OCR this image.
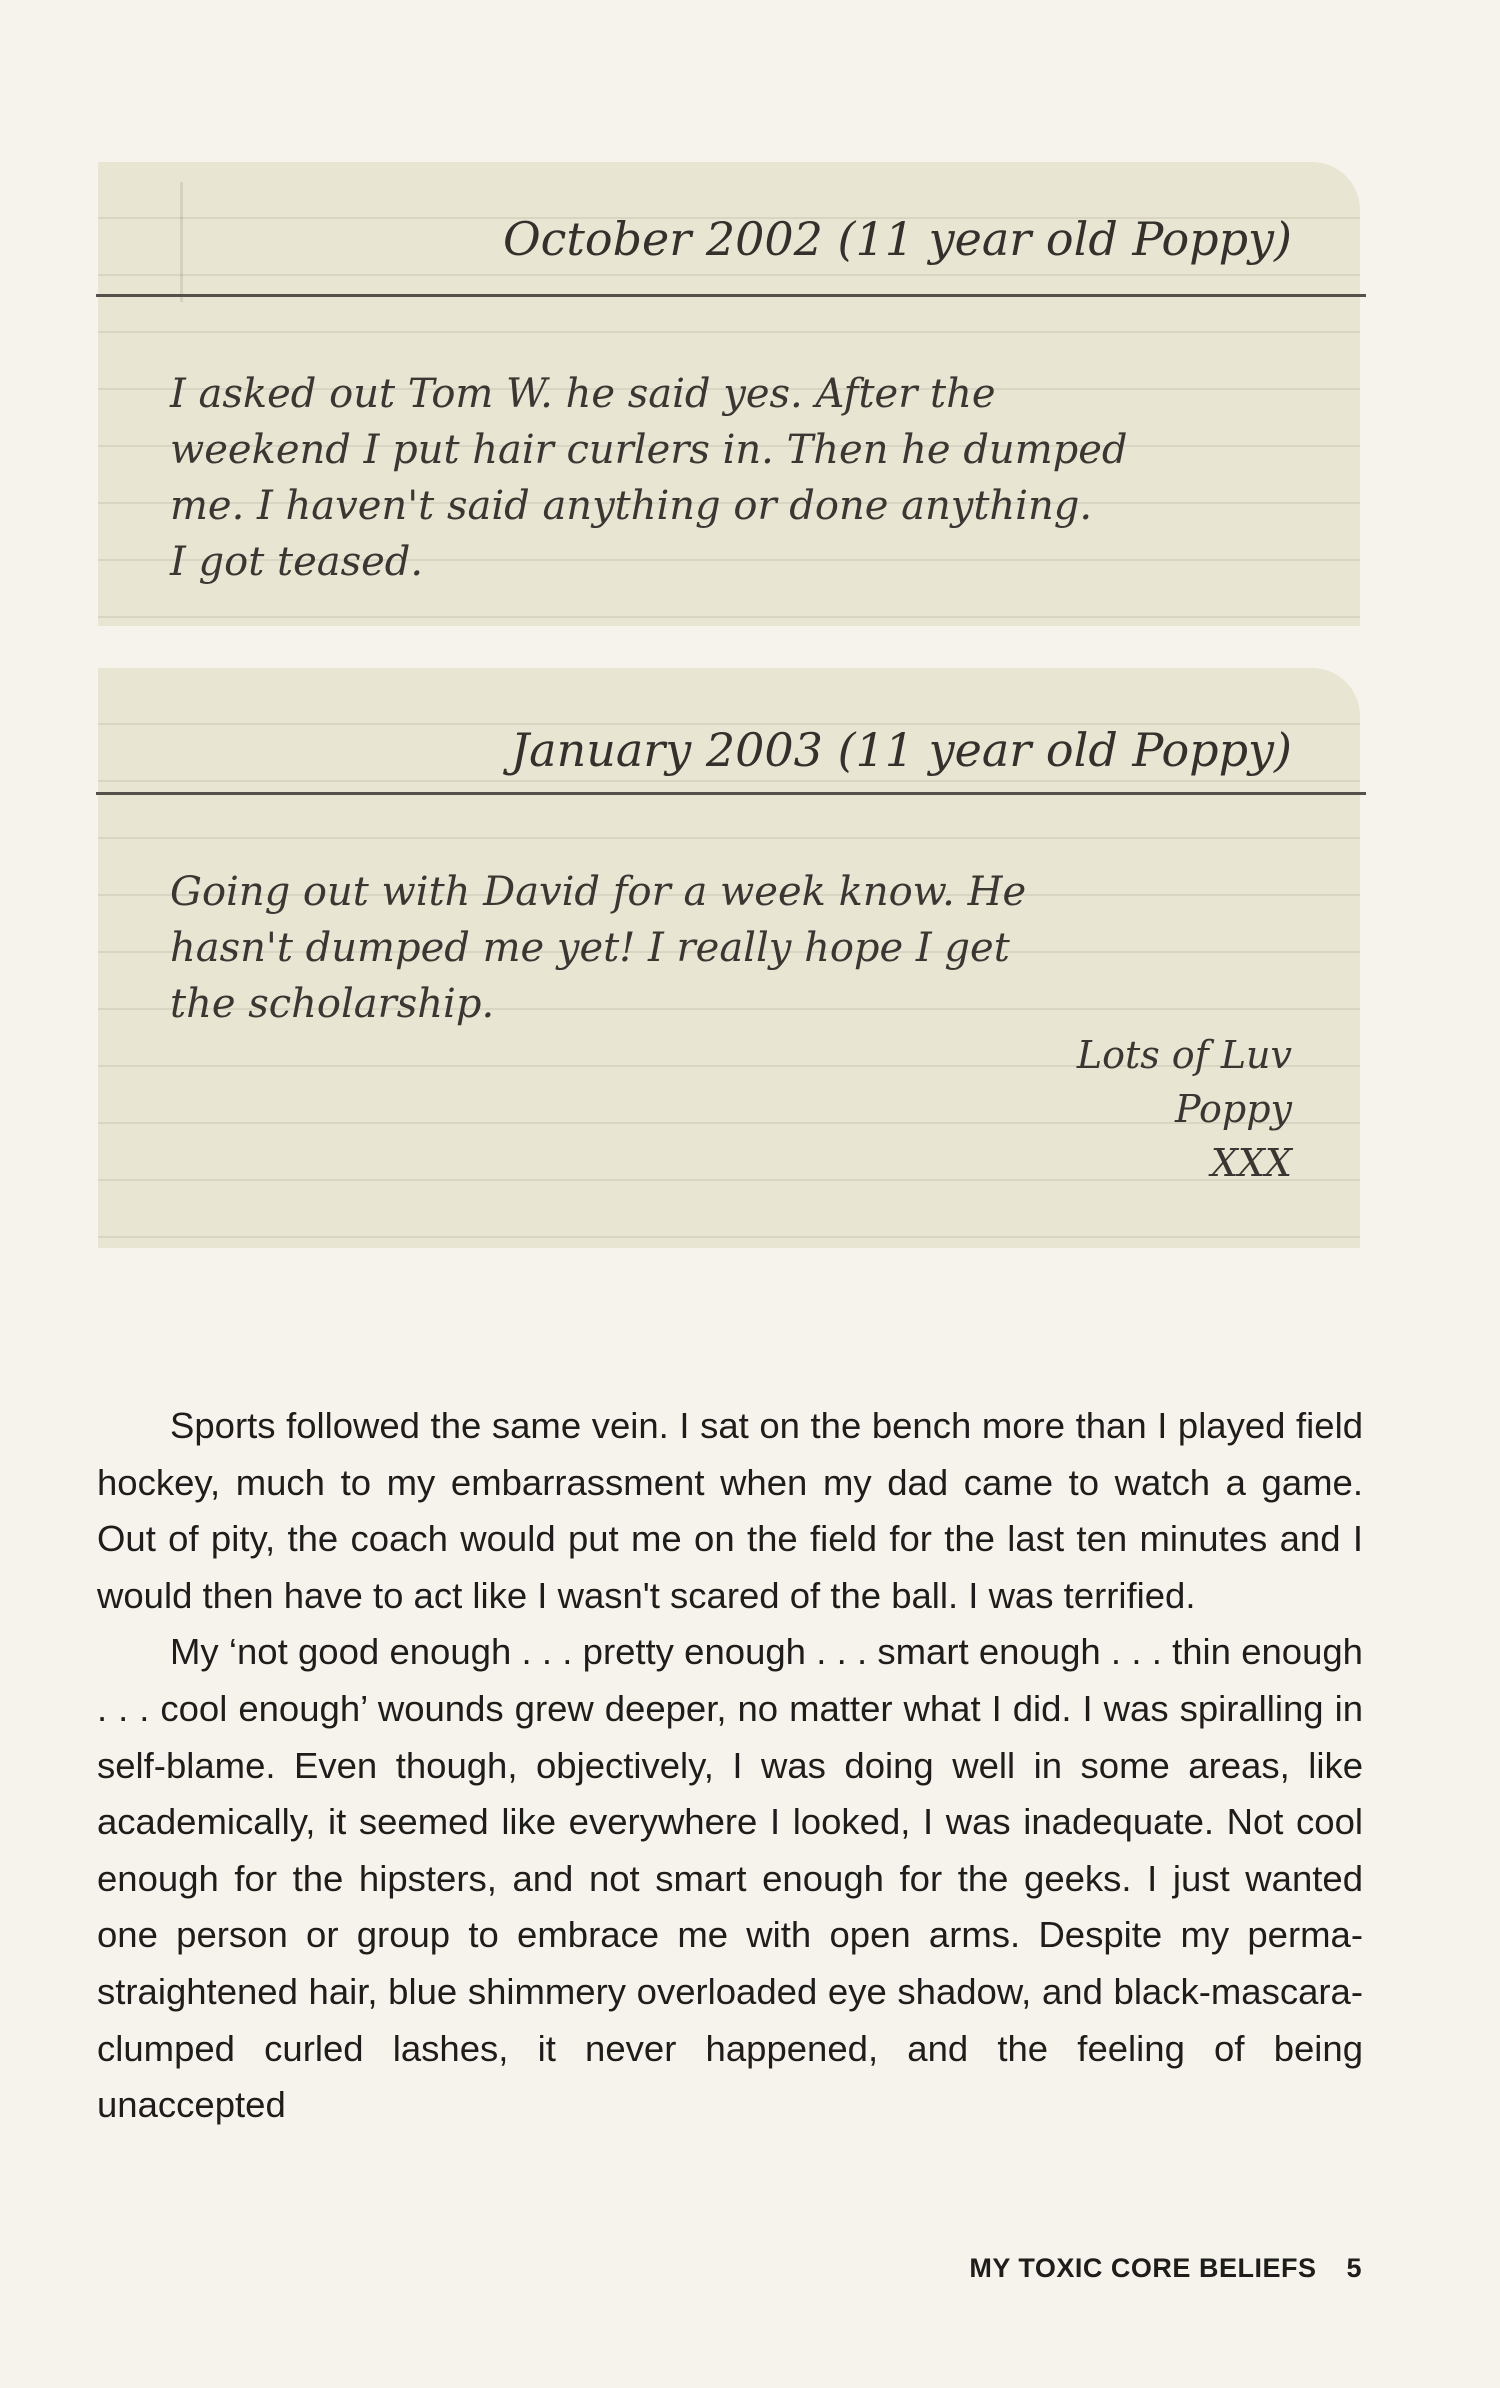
October 2002 (11 year old Poppy)
I asked out Tom W. he said yes. After the
weekend I put hair curlers in. Then he dumped
me. I haven't said anything or done anything.
I got teased.
January 2003 (11 year old Poppy)
Going out with David for a week know. He
hasn't dumped me yet! I really hope I get
the scholarship.
Lots of Luv
Poppy
XXX

Sports followed the same vein. I sat on the bench more than I played field hockey, much to my embarrassment when my dad came to watch a game. Out of pity, the coach would put me on the field for the last ten minutes and I would then have to act like I wasn't scared of the ball. I was terrified.

My ‘not good enough . . . pretty enough . . . smart enough . . . thin enough . . . cool enough’ wounds grew deeper, no matter what I did. I was spiralling in self-blame. Even though, objectively, I was doing well in some areas, like academically, it seemed like everywhere I looked, I was inadequate. Not cool enough for the hipsters, and not smart enough for the geeks. I just wanted one person or group to embrace me with open arms. Despite my perma-straightened hair, blue shimmery overloaded eye shadow, and black-mascara-clumped curled lashes, it never happened, and the feeling of being unaccepted

MY TOXIC CORE BELIEFS 5
